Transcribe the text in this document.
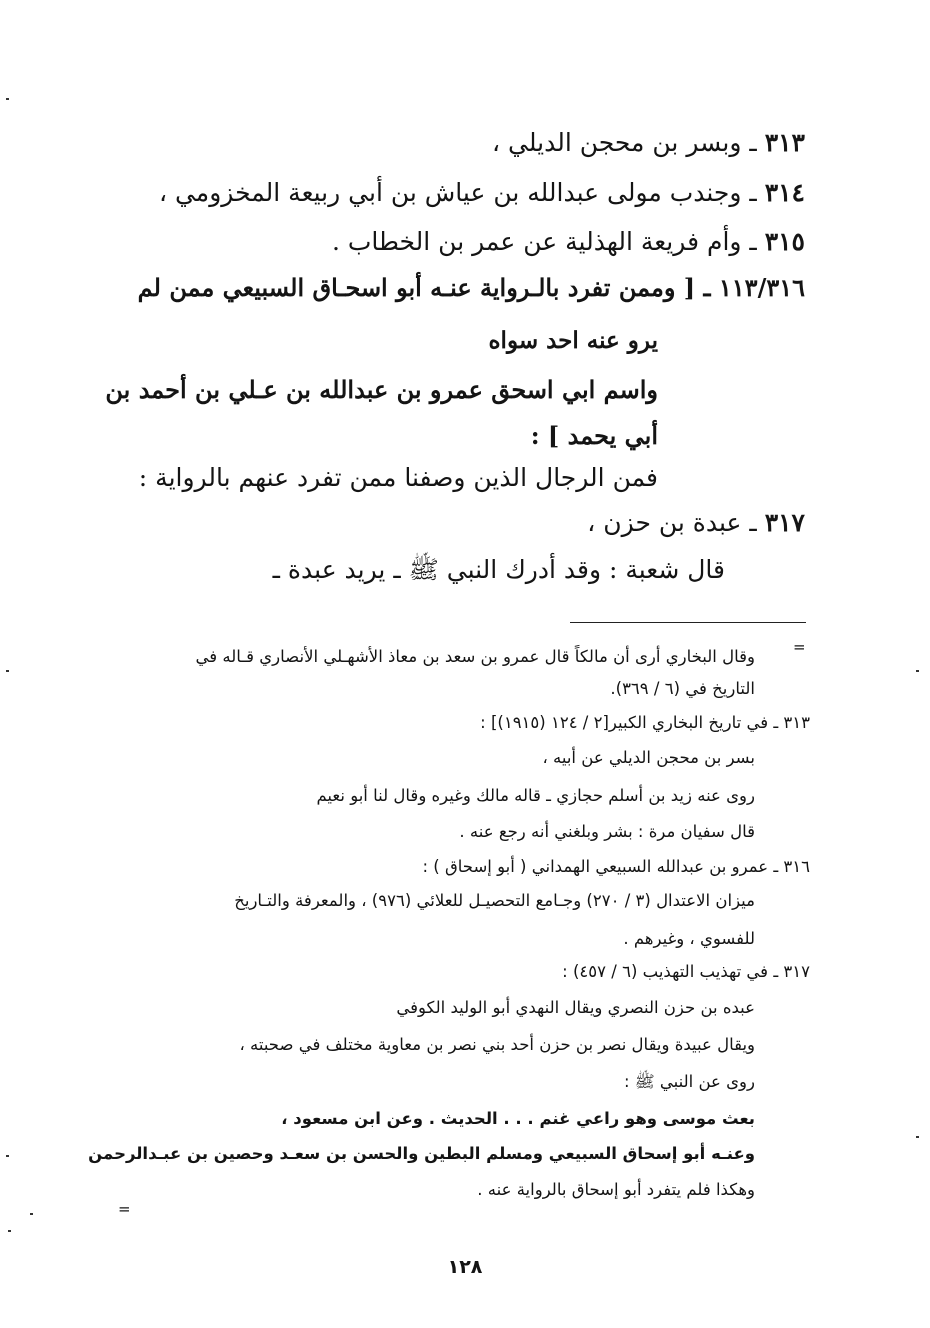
٣١٣ ـ وبسر بن محجن الديلي ،
٣١٤ ـ وجندب مولى عبدالله بن عياش بن أبي ربيعة المخزومي ،
٣١٥ ـ وأم فريعة الهذلية عن عمر بن الخطاب .
١١٣/٣١٦ ـ [ وممن تفرد بالـرواية عنـه أبو اسحـاق السبيعي ممن لم
يرو عنه احد سواه
واسم ابي اسحق عمرو بن عبدالله بن عـلي بن أحمد بن
أبي يحمد ] :
فمن الرجال الذين وصفنا ممن تفرد عنهم بالرواية :
٣١٧ ـ عبدة بن حزن ،
قال شعبة : وقد أدرك النبي ﷺ ـ يريد عبدة ـ
=
وقال البخاري أرى أن مالكاً قال عمرو بن سعد بن معاذ الأشهـلي الأنصاري قـاله في
التاريخ في (٦ / ٣٦٩).
٣١٣ ـ في تاريخ البخاري الكبير[٢ / ١٢٤ (١٩١٥)] :
بسر بن محجن الديلي عن أبيه ،
روى عنه زيد بن أسلم حجازي ـ قاله مالك وغيره وقال لنا أبو نعيم
قال سفيان مرة : بشر وبلغني أنه رجع عنه .
٣١٦ ـ عمرو بن عبدالله السبيعي الهمداني ( أبو إسحاق ) :
ميزان الاعتدال (٣ / ٢٧٠) وجـامع التحصيـل للعلائي (٩٧٦) ، والمعرفة والتـاريخ
للفسوي ، وغيرهم .
٣١٧ ـ في تهذيب التهذيب (٦ / ٤٥٧) :
عبده بن حزن النصري ويقال النهدي أبو الوليد الكوفي
ويقال عبيدة ويقال نصر بن حزن أحد بني نصر بن معاوية مختلف في صحبته ،
روى عن النبي ﷺ :
بعث موسى وهو راعي غنم . . . الحديث . وعن ابن مسعود ،
وعنـه أبو إسحاق السبيعي ومسلم البطين والحسن بن سعـد وحصين بن عبـدالرحمن
وهكذا فلم يتفرد أبو إسحاق بالرواية عنه .
=
١٢٨
